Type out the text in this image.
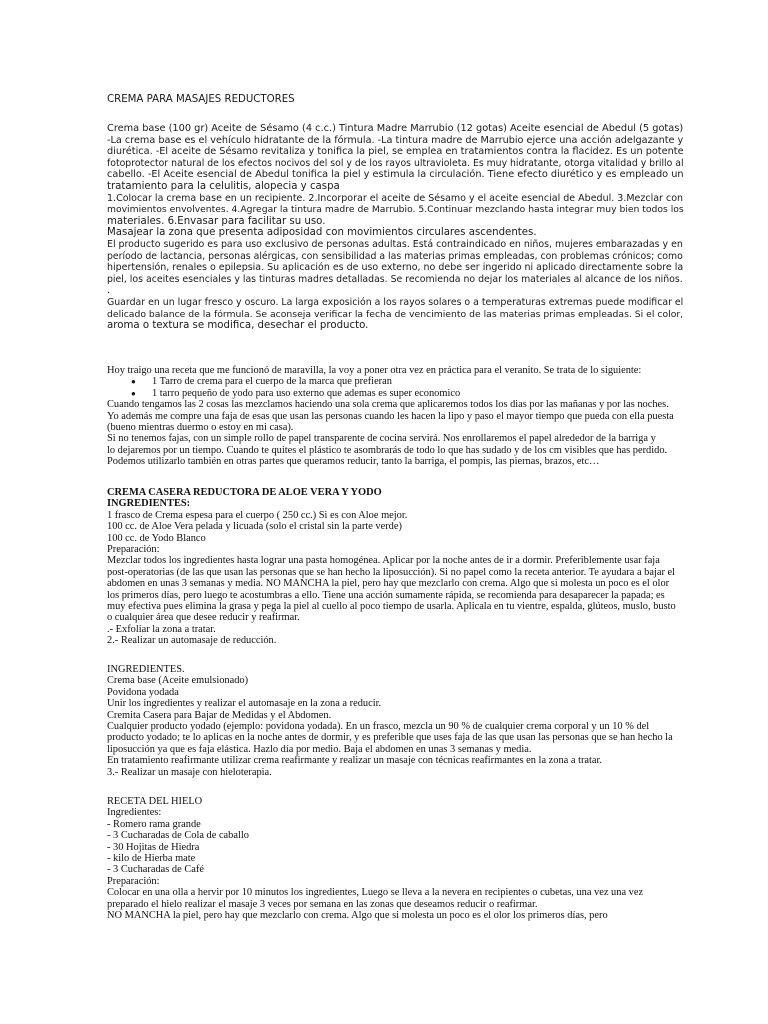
CREMA PARA MASAJES REDUCTORES
Crema base (100 gr) Aceite de Sésamo (4 c.c.) Tintura Madre Marrubio (12 gotas) Aceite esencial de Abedul (5 gotas)
-La crema base es el vehículo hidratante de la fórmula. -La tintura madre de Marrubio ejerce una acción adelgazante y
diurética. -El aceite de Sésamo revitaliza y tonifica la piel, se emplea en tratamientos contra la flacidez. Es un potente
fotoprotector natural de los efectos nocivos del sol y de los rayos ultravioleta. Es muy hidratante, otorga vitalidad y brillo al
cabello. -El Aceite esencial de Abedul tonifica la piel y estimula la circulación. Tiene efecto diurético y es empleado un
tratamiento para la celulitis, alopecia y caspa
1.Colocar la crema base en un recipiente. 2.Incorporar el aceite de Sésamo y el aceite esencial de Abedul. 3.Mezclar con
movimientos envolventes. 4.Agregar la tintura madre de Marrubio. 5.Continuar mezclando hasta integrar muy bien todos los
materiales. 6.Envasar para facilitar su uso.
Masajear la zona que presenta adiposidad con movimientos circulares ascendentes.
El producto sugerido es para uso exclusivo de personas adultas. Está contraindicado en niños, mujeres embarazadas y en
período de lactancia, personas alérgicas, con sensibilidad a las materias primas empleadas, con problemas crónicos; como
hipertensión, renales o epilepsia. Su aplicación es de uso externo, no debe ser ingerido ni aplicado directamente sobre la
piel, los aceites esenciales y las tinturas madres detalladas. Se recomienda no dejar los materiales al alcance de los niños.
.
Guardar en un lugar fresco y oscuro. La larga exposición a los rayos solares o a temperaturas extremas puede modificar el
delicado balance de la fórmula. Se aconseja verificar la fecha de vencimiento de las materias primas empleadas. Si el color,
aroma o textura se modifica, desechar el producto.
Hoy traigo una receta que me funcionó de maravilla, la voy a poner otra vez en práctica para el veranito. Se trata de lo siguiente:
● 1 Tarro de crema para el cuerpo de la marca que prefieran
● 1 tarro pequeño de yodo para uso externo que ademas es super economico
Cuando tengamos las 2 cosas las mezclamos haciendo una sola crema que aplicaremos todos los dias por las mañanas y por las noches.
Yo además me compre una faja de esas que usan las personas cuando les hacen la lipo y paso el mayor tiempo que pueda con ella puesta
(bueno mientras duermo o estoy en mi casa).
Si no tenemos fajas, con un simple rollo de papel transparente de cocina servirá. Nos enrollaremos el papel alrededor de la barriga y
lo dejaremos por un tiempo. Cuando te quites el plástico te asombrarás de todo lo que has sudado y de los cm visibles que has perdido.
Podemos utilizarlo también en otras partes que queramos reducir, tanto la barriga, el pompis, las piernas, brazos, etc…
CREMA CASERA REDUCTORA DE ALOE VERA Y YODO
INGREDIENTES:
1 frasco de Crema espesa para el cuerpo ( 250 cc.) Si es con Aloe mejor.
100 cc. de Aloe Vera pelada y licuada (solo el cristal sin la parte verde)
100 cc. de Yodo Blanco
Preparación:
Mezclar todos los ingredientes hasta lograr una pasta homogénea. Aplicar por la noche antes de ir a dormir. Preferiblemente usar faja
post-operatorias (de las que usan las personas que se han hecho la liposucción). Si no papel como la receta anterior. Te ayudara a bajar el
abdomen en unas 3 semanas y media. NO MANCHA la piel, pero hay que mezclarlo con crema. Algo que si molesta un poco es el olor
los primeros días, pero luego te acostumbras a ello. Tiene una acción sumamente rápida, se recomienda para desaparecer la papada; es
muy efectiva pues elimina la grasa y pega la piel al cuello al poco tiempo de usarla. Aplicala en tu vientre, espalda, glúteos, muslo, busto
o cualquier área que desee reducir y reafirmar.
.- Exfoliar la zona a tratar.
2.- Realizar un automasaje de reducción.
INGREDIENTES.
Crema base (Aceite emulsionado)
Povidona yodada
Unir los ingredientes y realizar el automasaje en la zona a reducir.
Cremita Casera para Bajar de Medidas y el Abdomen.
Cualquier producto yodado (ejemplo: povidona yodada). En un frasco, mezcla un 90 % de cualquier crema corporal y un 10 % del
producto yodado; te lo aplicas en la noche antes de dormir, y es preferible que uses faja de las que usan las personas que se han hecho la
liposucción ya que es faja elástica. Hazlo día por medio. Baja el abdomen en unas 3 semanas y media.
En tratamiento reafirmante utilizar crema reafirmante y realizar un masaje con técnicas reafirmantes en la zona a tratar.
3.- Realizar un masaje con hieloterapia.
RECETA DEL HIELO
Ingredientes:
- Romero rama grande
- 3 Cucharadas de Cola de caballo
- 30 Hojitas de Hiedra
- kilo de Hierba mate
- 3 Cucharadas de Café
Preparación:
Colocar en una olla a hervir por 10 minutos los ingredientes, Luego se lleva a la nevera en recipientes o cubetas, una vez una vez
preparado el hielo realizar el masaje 3 veces por semana en las zonas que deseamos reducir o reafirmar.
NO MANCHA la piel, pero hay que mezclarlo con crema. Algo que si molesta un poco es el olor los primeros días, pero
